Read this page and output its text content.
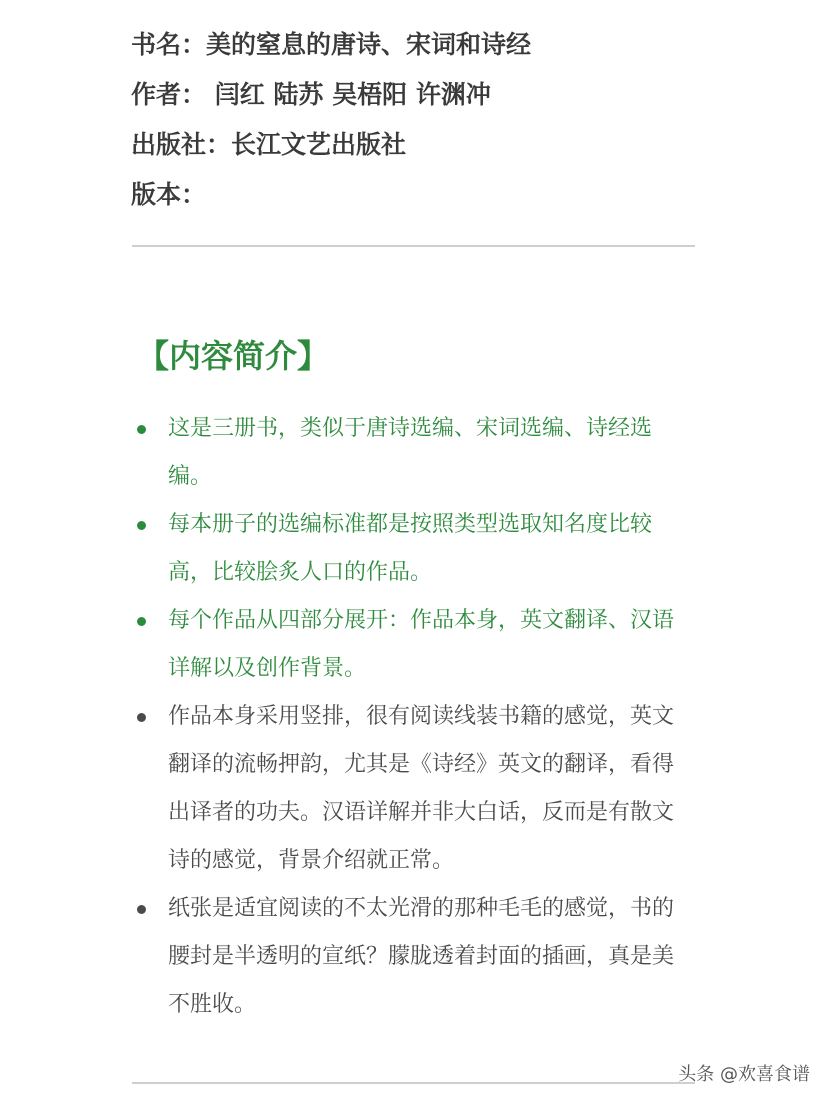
书名：美的窒息的唐诗、宋词和诗经
作者： 闫红 陆苏 吴梧阳 许渊冲
出版社：长江文艺出版社
版本：
【内容简介】
这是三册书，类似于唐诗选编、宋词选编、诗经选编。
每本册子的选编标准都是按照类型选取知名度比较高，比较脍炙人口的作品。
每个作品从四部分展开：作品本身，英文翻译、汉语详解以及创作背景。
作品本身采用竖排，很有阅读线装书籍的感觉，英文翻译的流畅押韵，尤其是《诗经》英文的翻译，看得出译者的功夫。汉语详解并非大白话，反而是有散文诗的感觉，背景介绍就正常。
纸张是适宜阅读的不太光滑的那种毛毛的感觉，书的腰封是半透明的宣纸？朦胧透着封面的插画，真是美不胜收。
头条 @欢喜食谱
